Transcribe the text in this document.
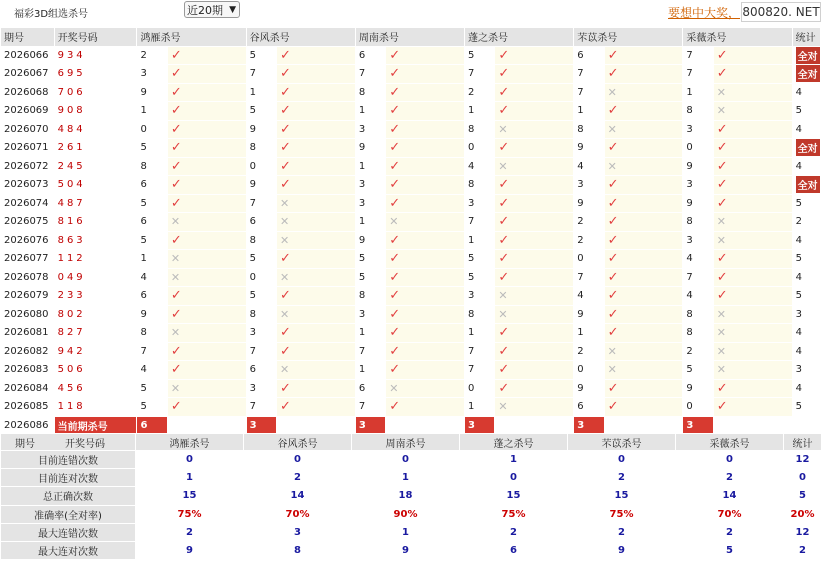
福彩3D组选杀号	近20期 ▼	要想中大奖， 800820. NET
期号	开奖号码	鸿雁杀号		谷风杀号		周南杀号		蓬之杀号		芣苡杀号		采薇杀号		统计
2026066	934	2	✓	5	✓	6	✓	5	✓	6	✓	7	✓	全对
2026067	695	3	✓	7	✓	7	✓	7	✓	7	✓	7	✓	全对
2026068	706	9	✓	1	✓	8	✓	2	✓	7	✕	1	✕	4
2026069	908	1	✓	5	✓	1	✓	1	✓	1	✓	8	✕	5
2026070	484	0	✓	9	✓	3	✓	8	✕	8	✕	3	✓	4
2026071	261	5	✓	8	✓	9	✓	0	✓	9	✓	0	✓	全对
2026072	245	8	✓	0	✓	1	✓	4	✕	4	✕	9	✓	4
2026073	504	6	✓	9	✓	3	✓	8	✓	3	✓	3	✓	全对
2026074	487	5	✓	7	✕	3	✓	3	✓	9	✓	9	✓	5
2026075	816	6	✕	6	✕	1	✕	7	✓	2	✓	8	✕	2
2026076	863	5	✓	8	✕	9	✓	1	✓	2	✓	3	✕	4
2026077	112	1	✕	5	✓	5	✓	5	✓	0	✓	4	✓	5
2026078	049	4	✕	0	✕	5	✓	5	✓	7	✓	7	✓	4
2026079	233	6	✓	5	✓	8	✓	3	✕	4	✓	4	✓	5
2026080	802	9	✓	8	✕	3	✓	8	✕	9	✓	8	✕	3
2026081	827	8	✕	3	✓	1	✓	1	✓	1	✓	8	✕	4
2026082	942	7	✓	7	✓	7	✓	7	✓	2	✕	2	✕	4
2026083	506	4	✓	6	✕	1	✓	7	✓	0	✕	5	✕	3
2026084	456	5	✕	3	✓	6	✕	0	✓	9	✓	9	✓	4
2026085	118	5	✓	7	✓	7	✓	1	✕	6	✓	0	✓	5
2026086	当前期杀号	6		3		3		3		3		3		
期号 开奖号码	鸿雁杀号	谷风杀号	周南杀号	蓬之杀号	芣苡杀号	采薇杀号	统计
目前连错次数	0	0	0	1	0	0	12
目前连对次数	1	2	1	0	2	2	0
总正确次数	15	14	18	15	15	14	5
准确率(全对率)	75%	70%	90%	75%	75%	70%	20%
最大连错次数	2	3	1	2	2	2	12
最大连对次数	9	8	9	6	9	5	2
